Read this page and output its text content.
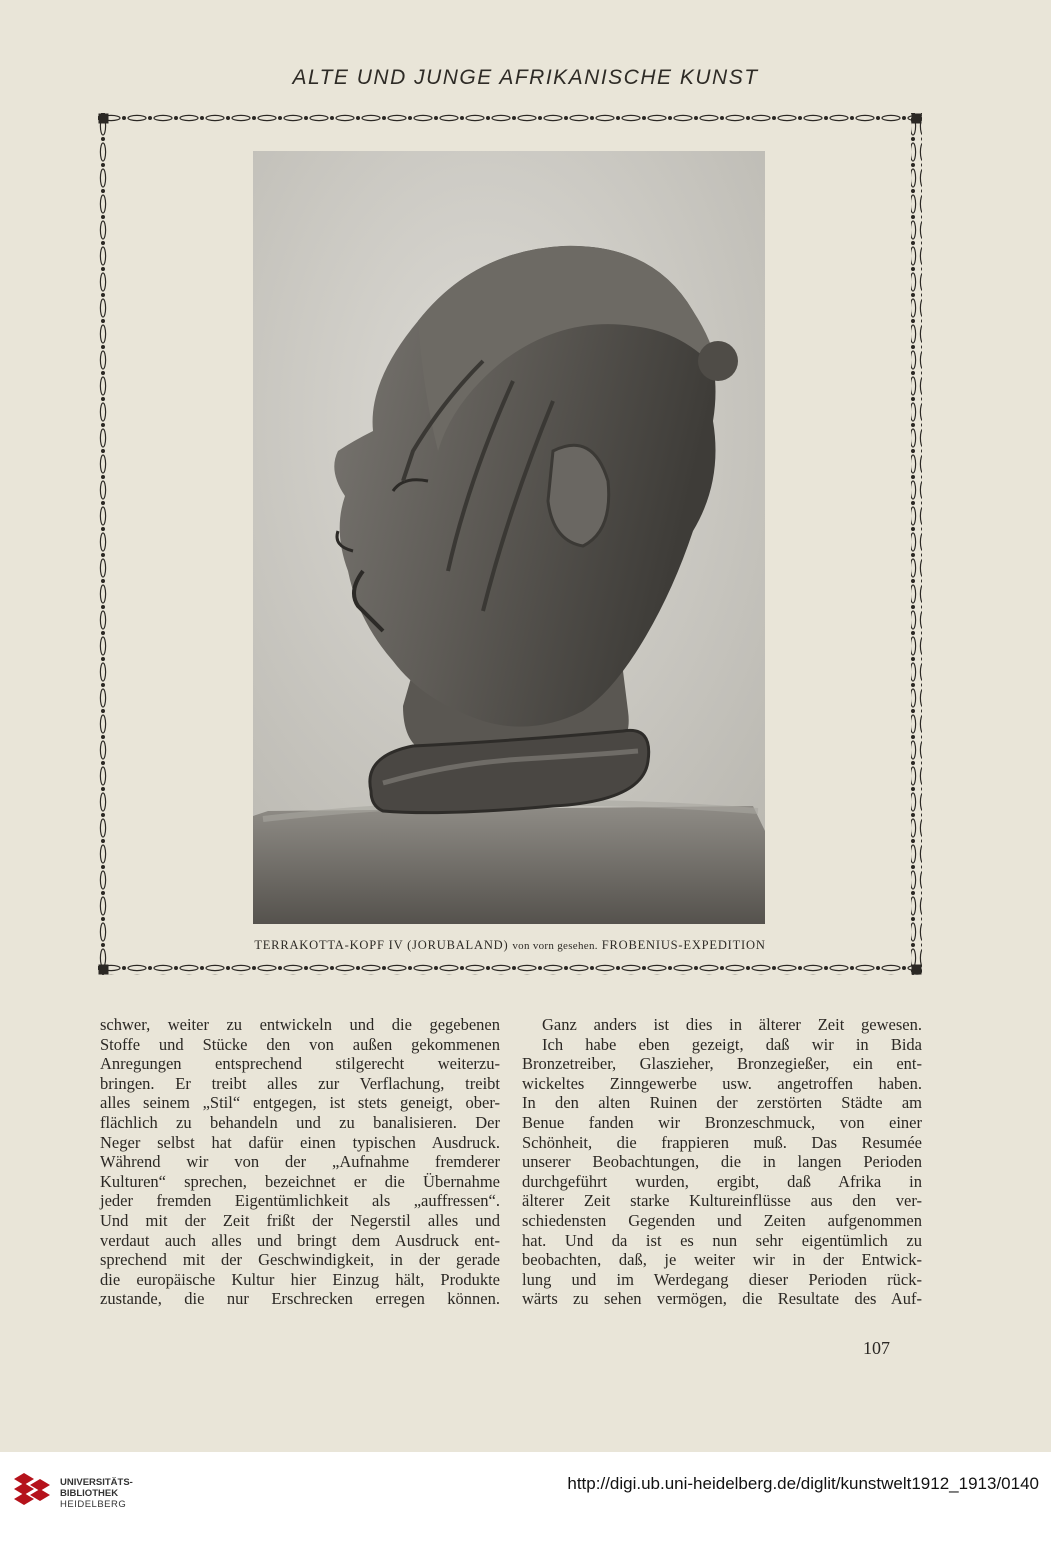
ALTE UND JUNGE AFRIKANISCHE KUNST
TERRAKOTTA-KOPF IV (JORUBALAND) von vorn gesehen. FROBENIUS-EXPEDITION

schwer, weiter zu entwickeln und die gegebenen

Stoffe und Stücke den von außen gekommenen

Anregungen entsprechend stilgerecht weiterzu-

bringen. Er treibt alles zur Verflachung, treibt

alles seinem „Stil“ entgegen, ist stets geneigt, ober-

flächlich zu behandeln und zu banalisieren. Der

Neger selbst hat dafür einen typischen Ausdruck.

Während wir von der „Aufnahme fremderer

Kulturen“ sprechen, bezeichnet er die Übernahme

jeder fremden Eigentümlichkeit als „auffressen“.

Und mit der Zeit frißt der Negerstil alles und

verdaut auch alles und bringt dem Ausdruck ent-

sprechend mit der Geschwindigkeit, in der gerade

die europäische Kultur hier Einzug hält, Produkte

zustande, die nur Erschrecken erregen können.

Ganz anders ist dies in älterer Zeit gewesen.

Ich habe eben gezeigt, daß wir in Bida

Bronzetreiber, Glaszieher, Bronzegießer, ein ent-

wickeltes Zinngewerbe usw. angetroffen haben.

In den alten Ruinen der zerstörten Städte am

Benue fanden wir Bronzeschmuck, von einer

Schönheit, die frappieren muß. Das Resumée

unserer Beobachtungen, die in langen Perioden

durchgeführt wurden, ergibt, daß Afrika in

älterer Zeit starke Kultureinflüsse aus den ver-

schiedensten Gegenden und Zeiten aufgenommen

hat. Und da ist es nun sehr eigentümlich zu

beobachten, daß, je weiter wir in der Entwick-

lung und im Werdegang dieser Perioden rück-

wärts zu sehen vermögen, die Resultate des Auf-

107
UNIVERSITÄTS-
BIBLIOTHEK
HEIDELBERG
http://digi.ub.uni-heidelberg.de/diglit/kunstwelt1912_1913/0140
